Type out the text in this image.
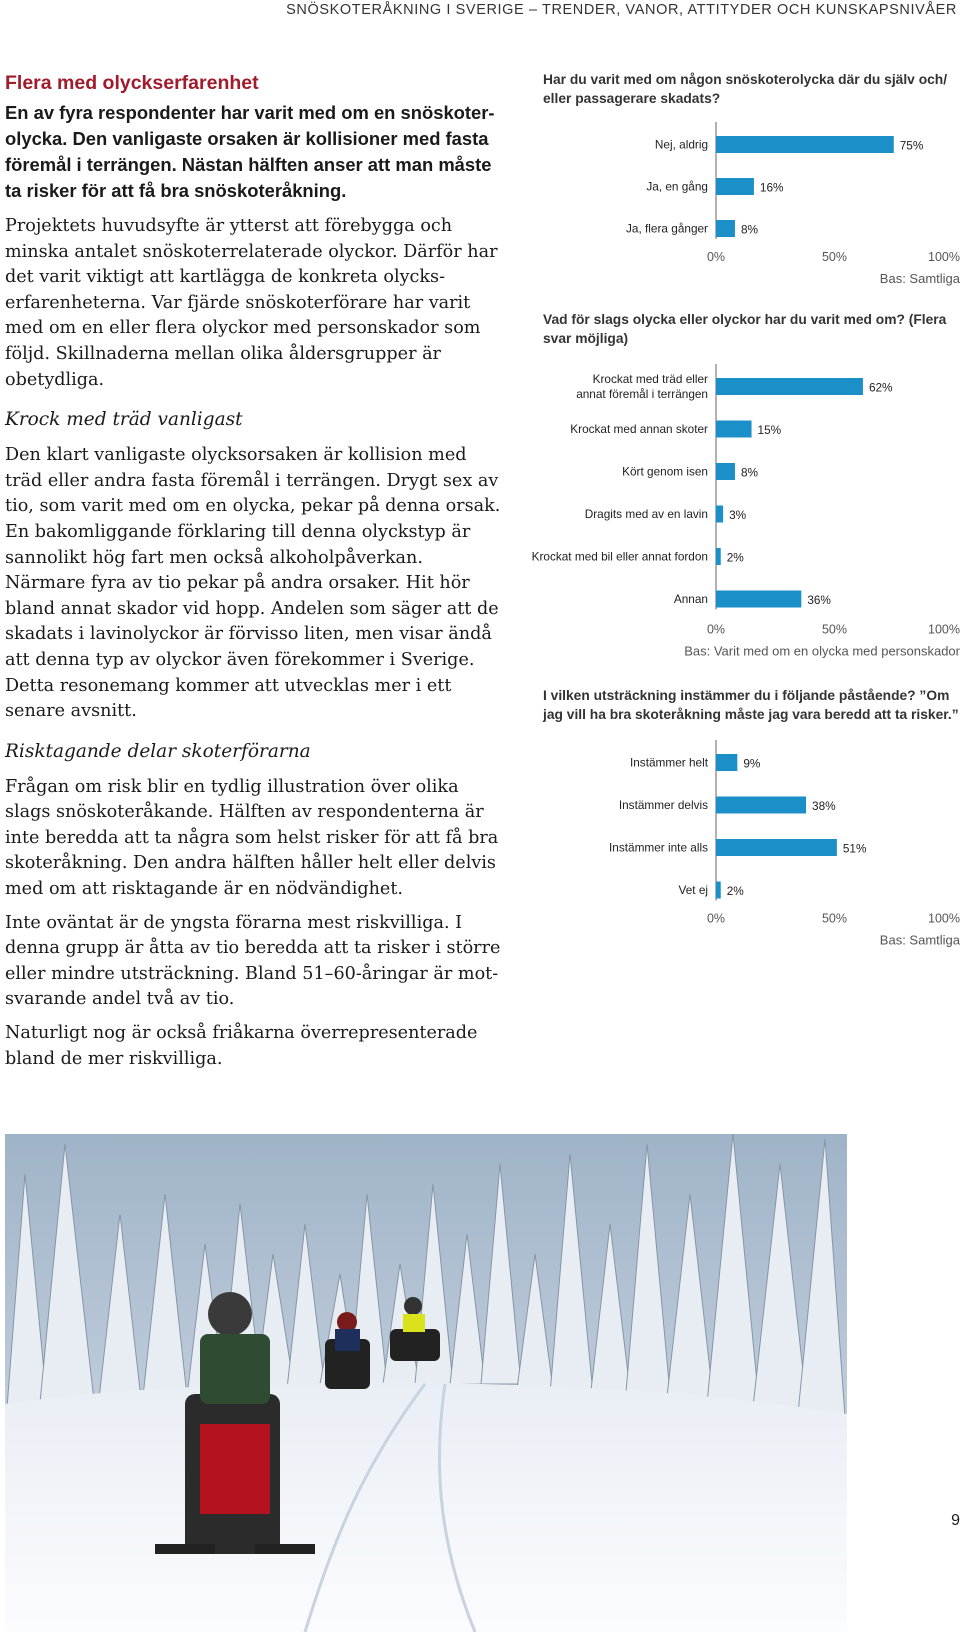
SNÖSKOTERÅKNING I SVERIGE – TRENDER, VANOR, ATTITYDER OCH KUNSKAPSNIVÅER
Flera med olyckserfarenhet

En av fyra respondenter har varit med om en snöskoterolycka. Den vanligaste orsaken är kollisioner med fasta föremål i terrängen. Nästan hälften anser att man måste ta risker för att få bra snöskoteråkning.

Projektets huvudsyfte är ytterst att förebygga och minska antalet snöskoterrelaterade olyckor. Därför har det varit viktigt att kartlägga de konkreta olyckserfarenheterna. Var fjärde snöskoterförare har varit med om en eller flera olyckor med personskador som följd. Skillnaderna mellan olika åldersgrupper är obetydliga.

Krock med träd vanligast

Den klart vanligaste olycksorsaken är kollision med träd eller andra fasta föremål i terrängen. Drygt sex av tio, som varit med om en olycka, pekar på denna orsak. En bakomliggande förklaring till denna olyckstyp är sannolikt hög fart men också alkoholpåverkan. Närmare fyra av tio pekar på andra orsaker. Hit hör bland annat skador vid hopp. Andelen som säger att de skadats i lavinolyckor är förvisso liten, men visar ändå att denna typ av olyckor även förekommer i Sverige. Detta resonemang kommer att utvecklas mer i ett senare avsnitt.

Risktagande delar skoterförarna

Frågan om risk blir en tydlig illustration över olika slags snöskoteråkande. Hälften av respondenterna är inte beredda att ta några som helst risker för att få bra skoteråkning. Den andra hälften håller helt eller delvis med om att risktagande är en nödvändighet.

Inte oväntat är de yngsta förarna mest riskvilliga. I denna grupp är åtta av tio beredda att ta risker i större eller mindre utsträckning. Bland 51–60-åringar är motsvarande andel två av tio.

Naturligt nog är också friåkarna överrepresenterade bland de mer riskvilliga.

Har du varit med om någon snöskoterolycka där du själv och/ eller passagerare skadats?

Nej, aldrig	75%
Ja, en gång	16%
Ja, flera gånger	8%
0%	50%	100%
Bas: Samtliga

Vad för slags olycka eller olyckor har du varit med om? (Flera svar möjliga)

Krockat med träd eller
annat föremål i terrängen	62%
Krockat med annan skoter	15%
Kört genom isen	8%
Dragits med av en lavin 3%
Krockat med bil eller annat fordon 2%
Annan	36%
0%	50%	100%
Bas: Varit med om en olycka med personskador

I vilken utsträckning instämmer du i följande påstående? ”Om jag vill ha bra skoteråkning måste jag vara beredd att ta risker.”

Instämmer helt	9%
Instämmer delvis	38%
Instämmer inte alls	51%
Vet ej 2%
0%	50%	100%
Bas: Samtliga
9
